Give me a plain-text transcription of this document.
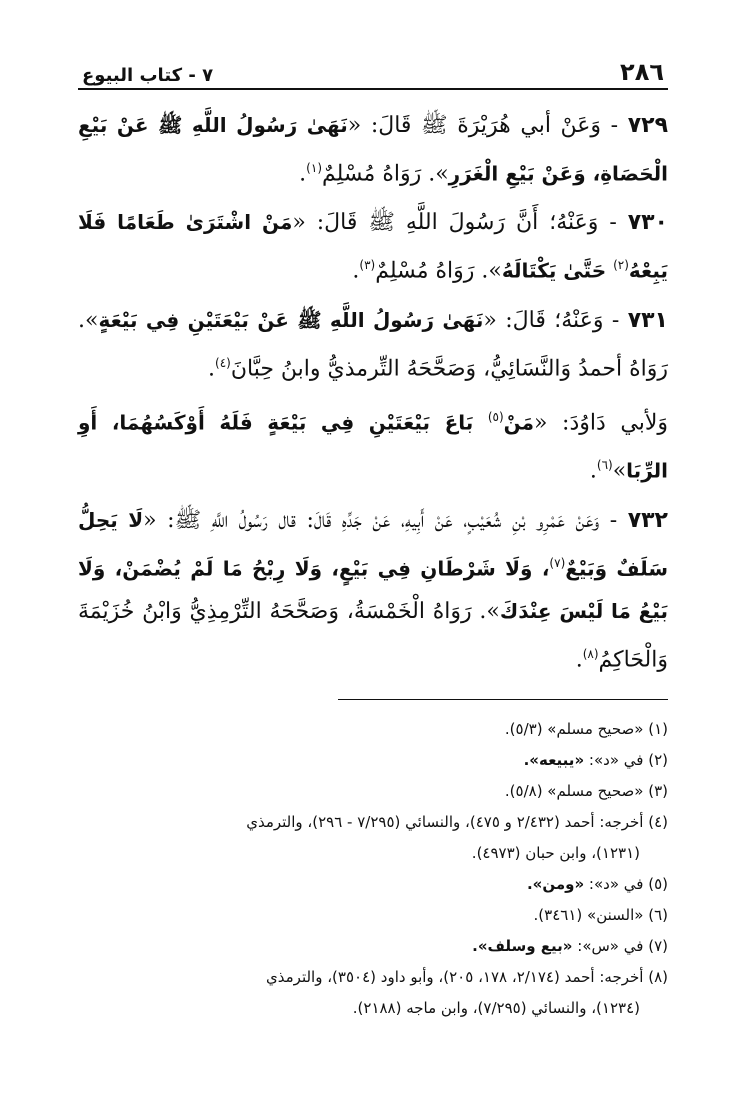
٢٨٦
٧ - كتاب البيوع

٧٢٩ - وَعَنْ أبي هُرَيْرَةَ ﷺ قَالَ: «نَهَىٰ رَسُولُ اللَّهِ ﷺ عَنْ بَيْعِ الْحَصَاةِ، وَعَنْ بَيْعِ الْغَرَرِ». رَوَاهُ مُسْلِمٌ$^{(١)}$.

٧٣٠ - وَعَنْهُ؛ أَنَّ رَسُولَ اللَّهِ ﷺ قَالَ: «مَنْ اشْتَرَىٰ طَعَامًا فَلَا يَبِعْهُ$^{(٢)}$ حَتَّىٰ يَكْتَالَهُ». رَوَاهُ مُسْلِمٌ$^{(٣)}$.

٧٣١ - وَعَنْهُ؛ قَالَ: «نَهَىٰ رَسُولُ اللَّهِ ﷺ عَنْ بَيْعَتَيْنِ فِي بَيْعَةٍ». رَوَاهُ أحمدُ وَالنَّسَائِيُّ، وَصَحَّحَهُ التِّرمذيُّ وابنُ حِبَّانَ$^{(٤)}$.

وَلأبي دَاوُدَ: «مَنْ$^{(٥)}$ بَاعَ بَيْعَتَيْنِ فِي بَيْعَةٍ فَلَهُ أَوْكَسُهُمَا، أَوِ الرِّبَا»$^{(٦)}$.

٧٣٢ - وَعَنْ عَمْرِو بْنِ شُعَيْبٍ، عَنْ أَبِيهِ، عَنْ جَدِّهِ قَالَ: قال رَسُولُ اللَّهِ ﷺ: «لَا يَحِلُّ سَلَفٌ وَبَيْعٌ$^{(٧)}$، وَلَا شَرْطَانِ فِي بَيْعٍ، وَلَا رِبْحُ مَا لَمْ يُضْمَنْ، وَلَا بَيْعُ مَا لَيْسَ عِنْدَكَ». رَوَاهُ الْخَمْسَةُ، وَصَحَّحَهُ التِّرْمِذِيُّ وَابْنُ خُزَيْمَةَ وَالْحَاكِمُ$^{(٨)}$.

(١) «صحيح مسلم» (٥/٣).

(٢) في «د»: «يبيعه».

(٣) «صحيح مسلم» (٥/٨).

(٤) أخرجه: أحمد (٢/٤٣٢ و ٤٧٥)، والنسائي (٧/٢٩٥ - ٢٩٦)، والترمذي

(١٢٣١)، وابن حبان (٤٩٧٣).

(٥) في «د»: «ومن».

(٦) «السنن» (٣٤٦١).

(٧) في «س»: «بيع وسلف».

(٨) أخرجه: أحمد (٢/١٧٤، ١٧٨، ٢٠٥)، وأبو داود (٣٥٠٤)، والترمذي

(١٢٣٤)، والنسائي (٧/٢٩٥)، وابن ماجه (٢١٨٨).
